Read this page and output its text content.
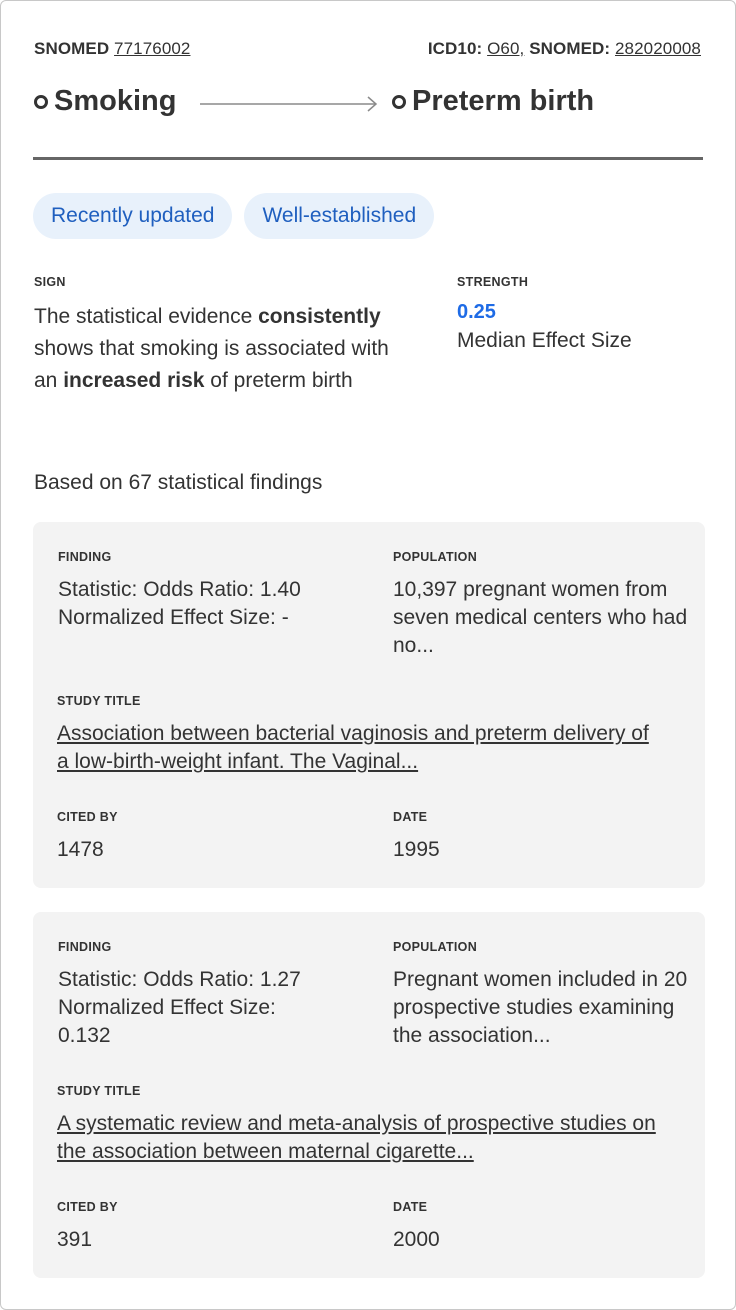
SNOMED 77176002	ICD10: O60, SNOMED: 282020008
Smoking	Preterm birth
Recently updated	Well-established
SIGN
The statistical evidence consistently shows that smoking is associated with an increased risk of preterm birth
STRENGTH
0.25
Median Effect Size
Based on 67 statistical findings
FINDING
Statistic: Odds Ratio: 1.40
Normalized Effect Size: -
POPULATION
10,397 pregnant women from seven medical centers who had no...
STUDY TITLE
Association between bacterial vaginosis and preterm delivery of a low-birth-weight infant. The Vaginal...
CITED BY
1478
DATE
1995
FINDING
Statistic: Odds Ratio: 1.27
Normalized Effect Size: 0.132
POPULATION
Pregnant women included in 20 prospective studies examining the association...
STUDY TITLE
A systematic review and meta-analysis of prospective studies on the association between maternal cigarette...
CITED BY
391
DATE
2000
